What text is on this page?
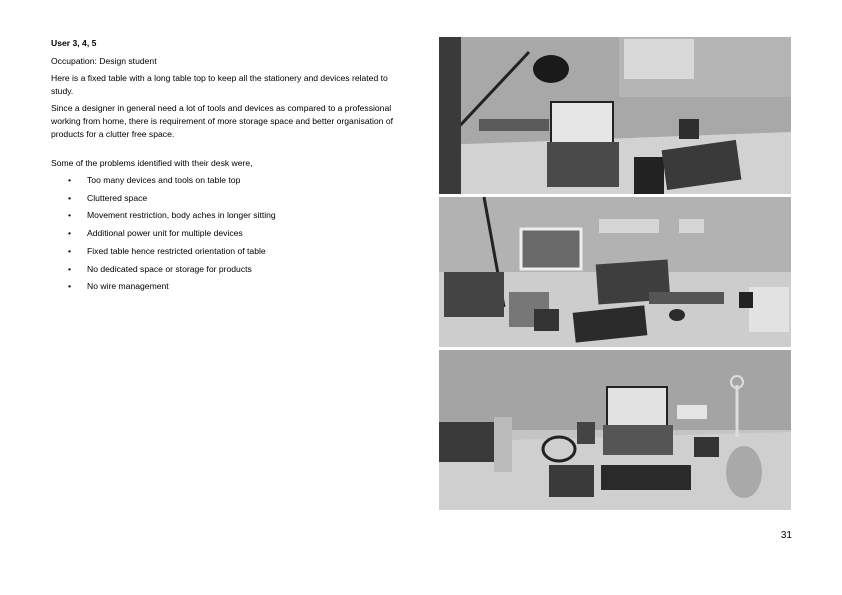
User 3, 4, 5

Occupation: Design student

Here is a fixed table with a long table top to keep all the stationery and devices related to study.

Since a designer in general need a lot of tools and devices as compared to a professional working from home, there is requirement of more storage space and better organisation of products for a clutter free space.

Some of the problems identified with their desk were,

• Too many devices and tools on table top
• Cluttered space
• Movement restriction, body aches in longer sitting
• Additional power unit for multiple devices
• Fixed table hence restricted orientation of table
• No dedicated space or storage for products
• No wire management
31
